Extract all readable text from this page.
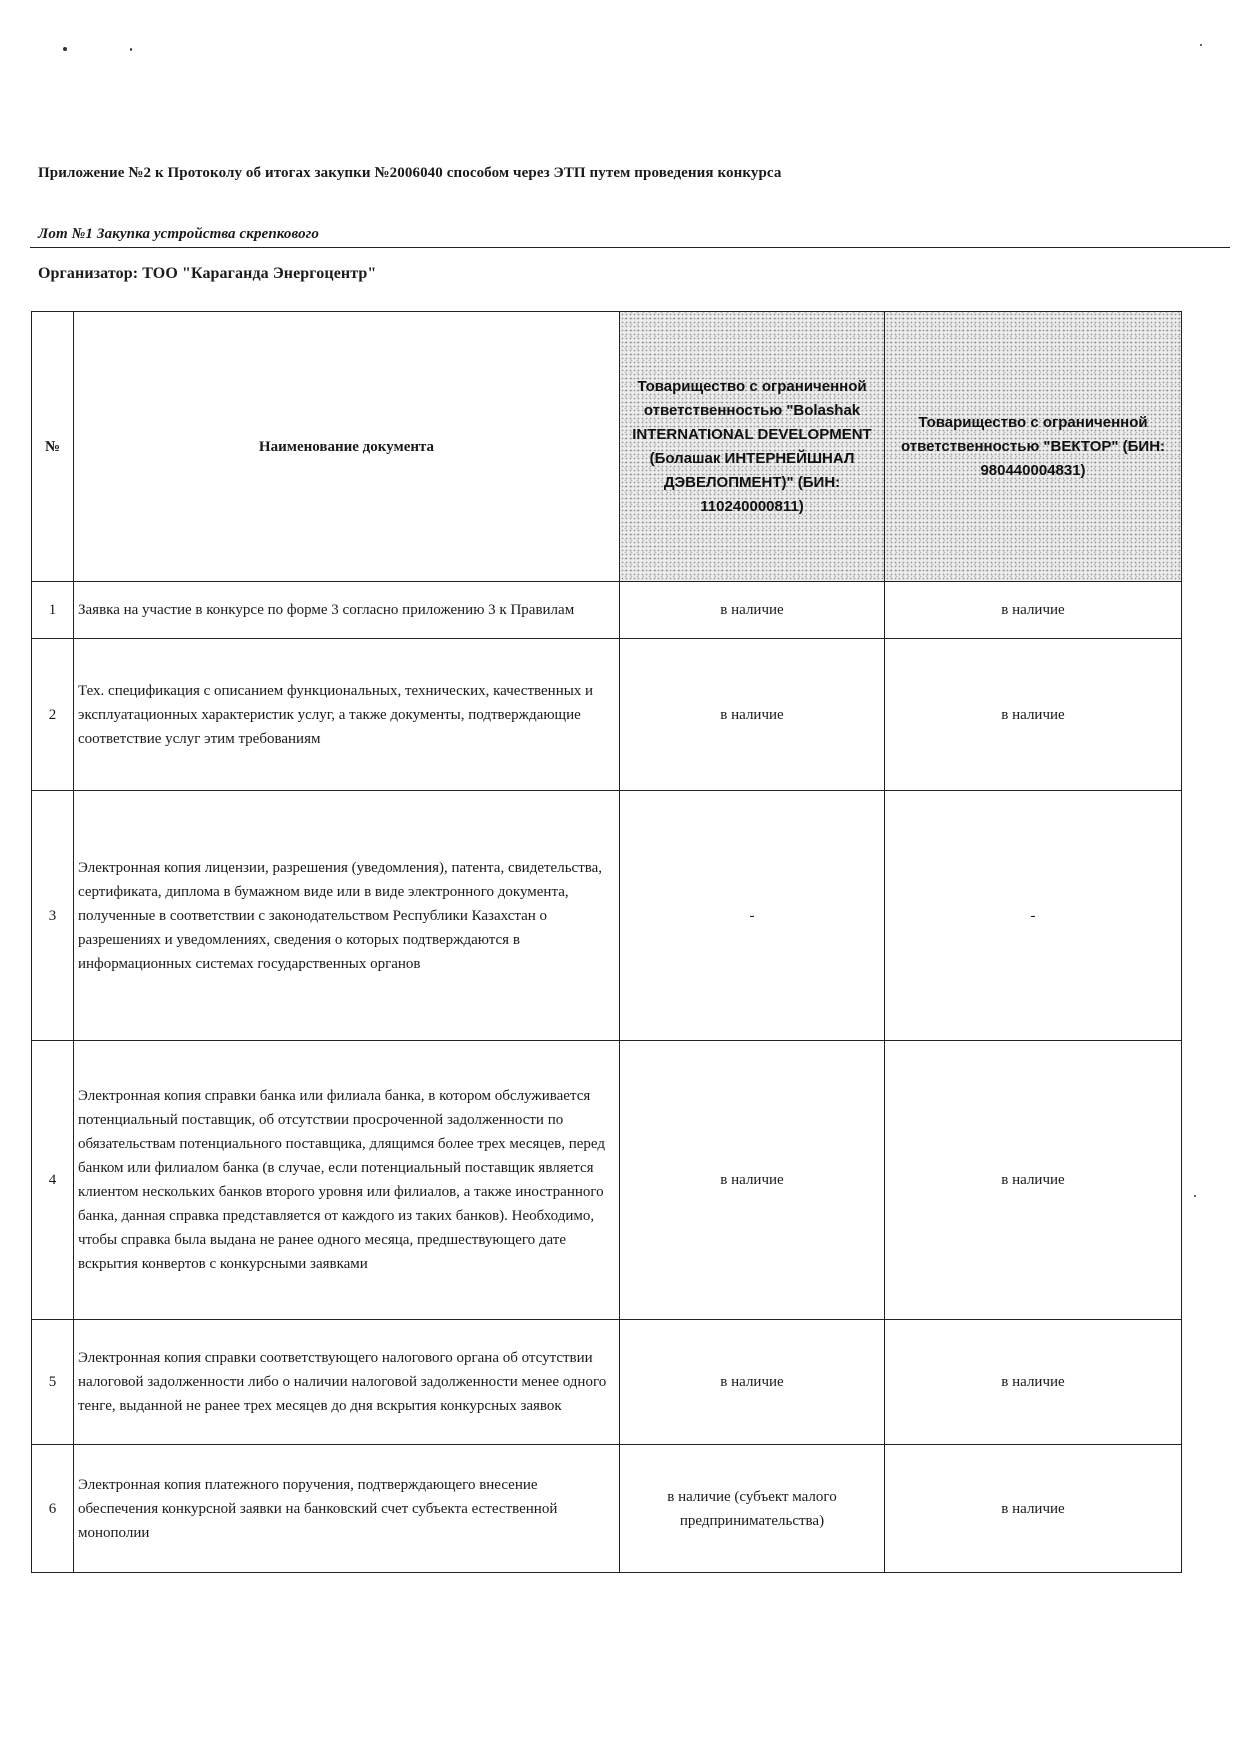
Приложение №2 к Протоколу об итогах закупки №2006040 способом через ЭТП путем проведения конкурса
Лот №1 Закупка устройства скрепкового
Организатор: ТОО "Караганда Энергоцентр"
№	Наименование документа	Товарищество с ограниченной ответственностью "Bolashak INTERNATIONAL DEVELOPMENT (Болашак ИНТЕРНЕЙШНАЛ ДЭВЕЛОПМЕНТ)" (БИН: 110240000811)	Товарищество с ограниченной ответственностью "ВЕКТОР" (БИН: 980440004831)
1	Заявка на участие в конкурсе по форме 3 согласно приложению 3 к Правилам	в наличие	в наличие
2	Тех. спецификация с описанием функциональных, технических, качественных и эксплуатационных характеристик услуг, а также документы, подтверждающие соответствие услуг этим требованиям	в наличие	в наличие
3	Электронная копия лицензии, разрешения (уведомления), патента, свидетельства, сертификата, диплома в бумажном виде или в виде электронного документа, полученные в соответствии с законодательством Республики Казахстан о разрешениях и уведомлениях, сведения о которых подтверждаются в информационных системах государственных органов	-	-
4	Электронная копия справки банка или филиала банка, в котором обслуживается потенциальный поставщик, об отсутствии просроченной задолженности по обязательствам потенциального поставщика, длящимся более трех месяцев, перед банком или филиалом банка (в случае, если потенциальный поставщик является клиентом нескольких банков второго уровня или филиалов, а также иностранного банка, данная справка представляется от каждого из таких банков). Необходимо, чтобы справка была выдана не ранее одного месяца, предшествующего дате вскрытия конвертов с конкурсными заявками	в наличие	в наличие
5	Электронная копия справки соответствующего налогового органа об отсутствии налоговой задолженности либо о наличии налоговой задолженности менее одного тенге, выданной не ранее трех месяцев до дня вскрытия конкурсных заявок	в наличие	в наличие
6	Электронная копия платежного поручения, подтверждающего внесение обеспечения конкурсной заявки на банковский счет субъекта естественной монополии	в наличие (субъект малого предпринимательства)	в наличие
